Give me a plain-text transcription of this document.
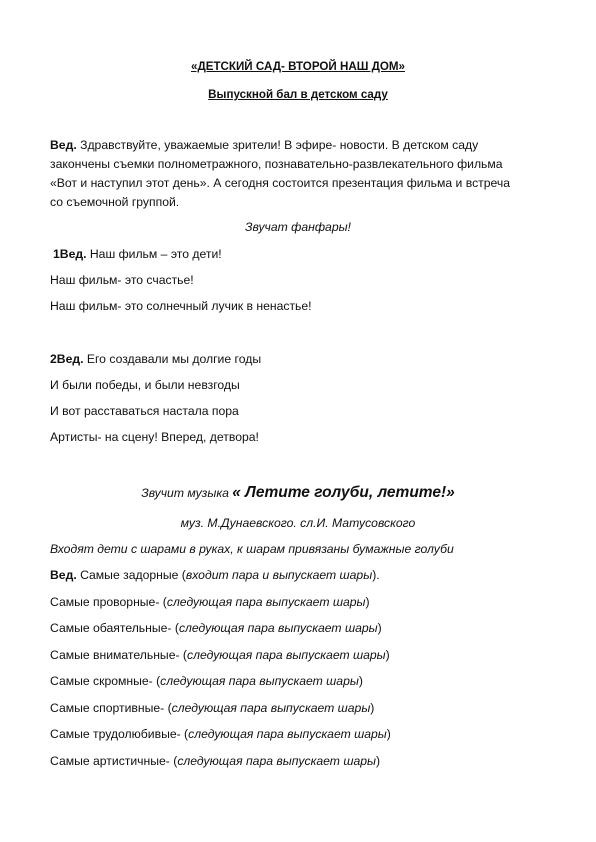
«ДЕТСКИЙ САД- ВТОРОЙ НАШ ДОМ»
Выпускной бал в детском саду
Вед. Здравствуйте, уважаемые зрители! В эфире- новости. В детском саду
закончены съемки полнометражного, познавательно-развлекательного фильма
«Вот и наступил этот день». А сегодня состоится презентация фильма и встреча
со съемочной группой.
Звучат фанфары!
1Вед. Наш фильм – это дети!
Наш фильм- это счастье!
Наш фильм- это солнечный лучик в ненастье!
2Вед. Его создавали мы долгие годы
И были победы, и были невзгоды
И вот расставаться настала пора
Артисты- на сцену! Вперед, детвора!
Звучит музыка « Летите голуби, летите!»
муз. М.Дунаевского. сл.И. Матусовского
Входят дети с шарами в руках, к шарам привязаны бумажные голуби
Вед. Самые задорные (входит пара и выпускает шары).
Самые проворные- (следующая пара выпускает шары)
Самые обаятельные- (следующая пара выпускает шары)
Самые внимательные- (следующая пара выпускает шары)
Самые скромные- (следующая пара выпускает шары)
Самые спортивные- (следующая пара выпускает шары)
Самые трудолюбивые- (следующая пара выпускает шары)
Самые артистичные- (следующая пара выпускает шары)
